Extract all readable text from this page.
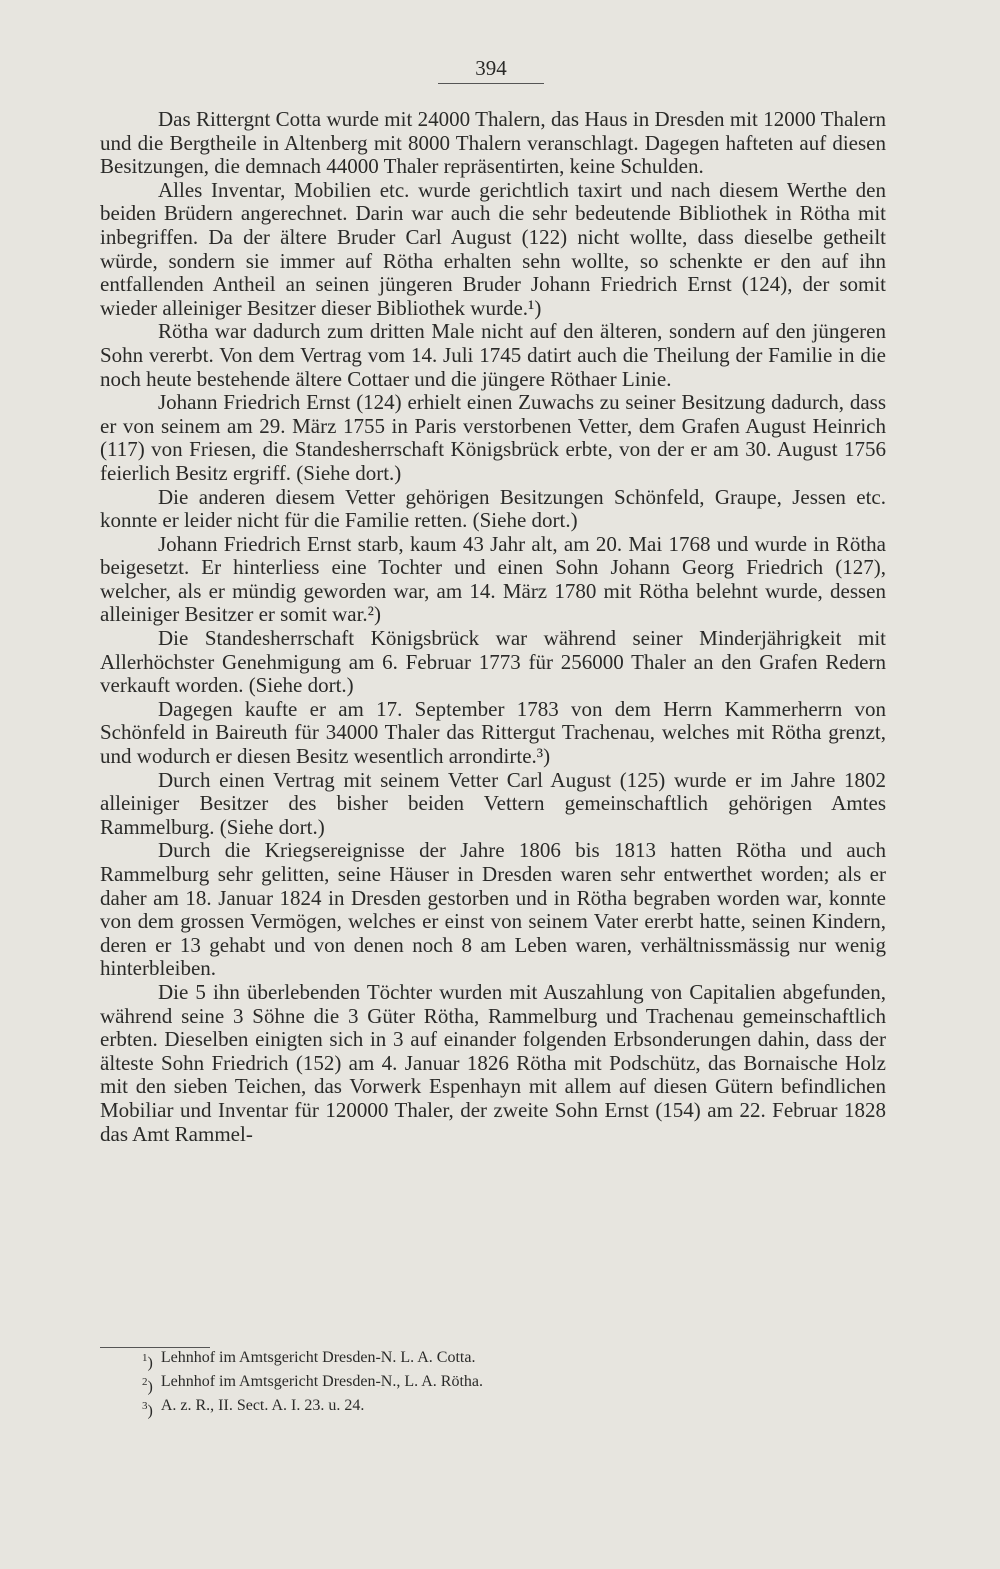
394

Das Rittergnt Cotta wurde mit 24000 Thalern, das Haus in Dresden mit 12000 Thalern und die Bergtheile in Altenberg mit 8000 Thalern veranschlagt. Dagegen hafteten auf diesen Besitzungen, die demnach 44000 Thaler repräsentirten, keine Schulden.

Alles Inventar, Mobilien etc. wurde gerichtlich taxirt und nach diesem Werthe den beiden Brüdern angerechnet. Darin war auch die sehr bedeutende Bibliothek in Rötha mit inbegriffen. Da der ältere Bruder Carl August (122) nicht wollte, dass dieselbe getheilt würde, sondern sie immer auf Rötha erhalten sehn wollte, so schenkte er den auf ihn entfallenden Antheil an seinen jüngeren Bruder Johann Friedrich Ernst (124), der somit wieder alleiniger Besitzer dieser Bibliothek wurde.¹)

Rötha war dadurch zum dritten Male nicht auf den älteren, sondern auf den jüngeren Sohn vererbt. Von dem Vertrag vom 14. Juli 1745 datirt auch die Theilung der Familie in die noch heute bestehende ältere Cottaer und die jüngere Röthaer Linie.

Johann Friedrich Ernst (124) erhielt einen Zuwachs zu seiner Besitzung dadurch, dass er von seinem am 29. März 1755 in Paris verstorbenen Vetter, dem Grafen August Heinrich (117) von Friesen, die Standesherrschaft Königsbrück erbte, von der er am 30. August 1756 feierlich Besitz ergriff. (Siehe dort.)

Die anderen diesem Vetter gehörigen Besitzungen Schönfeld, Graupe, Jessen etc. konnte er leider nicht für die Familie retten. (Siehe dort.)

Johann Friedrich Ernst starb, kaum 43 Jahr alt, am 20. Mai 1768 und wurde in Rötha beigesetzt. Er hinterliess eine Tochter und einen Sohn Johann Georg Friedrich (127), welcher, als er mündig geworden war, am 14. März 1780 mit Rötha belehnt wurde, dessen alleiniger Besitzer er somit war.²)

Die Standesherrschaft Königsbrück war während seiner Minderjährigkeit mit Allerhöchster Genehmigung am 6. Februar 1773 für 256000 Thaler an den Grafen Redern verkauft worden. (Siehe dort.)

Dagegen kaufte er am 17. September 1783 von dem Herrn Kammerherrn von Schönfeld in Baireuth für 34000 Thaler das Rittergut Trachenau, welches mit Rötha grenzt, und wodurch er diesen Besitz wesentlich arrondirte.³)

Durch einen Vertrag mit seinem Vetter Carl August (125) wurde er im Jahre 1802 alleiniger Besitzer des bisher beiden Vettern gemeinschaftlich gehörigen Amtes Rammelburg. (Siehe dort.)

Durch die Kriegsereignisse der Jahre 1806 bis 1813 hatten Rötha und auch Rammelburg sehr gelitten, seine Häuser in Dresden waren sehr entwerthet worden; als er daher am 18. Januar 1824 in Dresden gestorben und in Rötha begraben worden war, konnte von dem grossen Vermögen, welches er einst von seinem Vater ererbt hatte, seinen Kindern, deren er 13 gehabt und von denen noch 8 am Leben waren, verhältnissmässig nur wenig hinterbleiben.

Die 5 ihn überlebenden Töchter wurden mit Auszahlung von Capitalien abgefunden, während seine 3 Söhne die 3 Güter Rötha, Rammelburg und Trachenau gemeinschaftlich erbten. Dieselben einigten sich in 3 auf einander folgenden Erbsonderungen dahin, dass der älteste Sohn Friedrich (152) am 4. Januar 1826 Rötha mit Podschütz, das Bornaische Holz mit den sieben Teichen, das Vorwerk Espenhayn mit allem auf diesen Gütern befindlichen Mobiliar und Inventar für 120000 Thaler, der zweite Sohn Ernst (154) am 22. Februar 1828 das Amt Rammel-

$^1$) Lehnhof im Amtsgericht Dresden-N. L. A. Cotta.
$^2$) Lehnhof im Amtsgericht Dresden-N., L. A. Rötha.
$^3$) A. z. R., II. Sect. A. I. 23. u. 24.
